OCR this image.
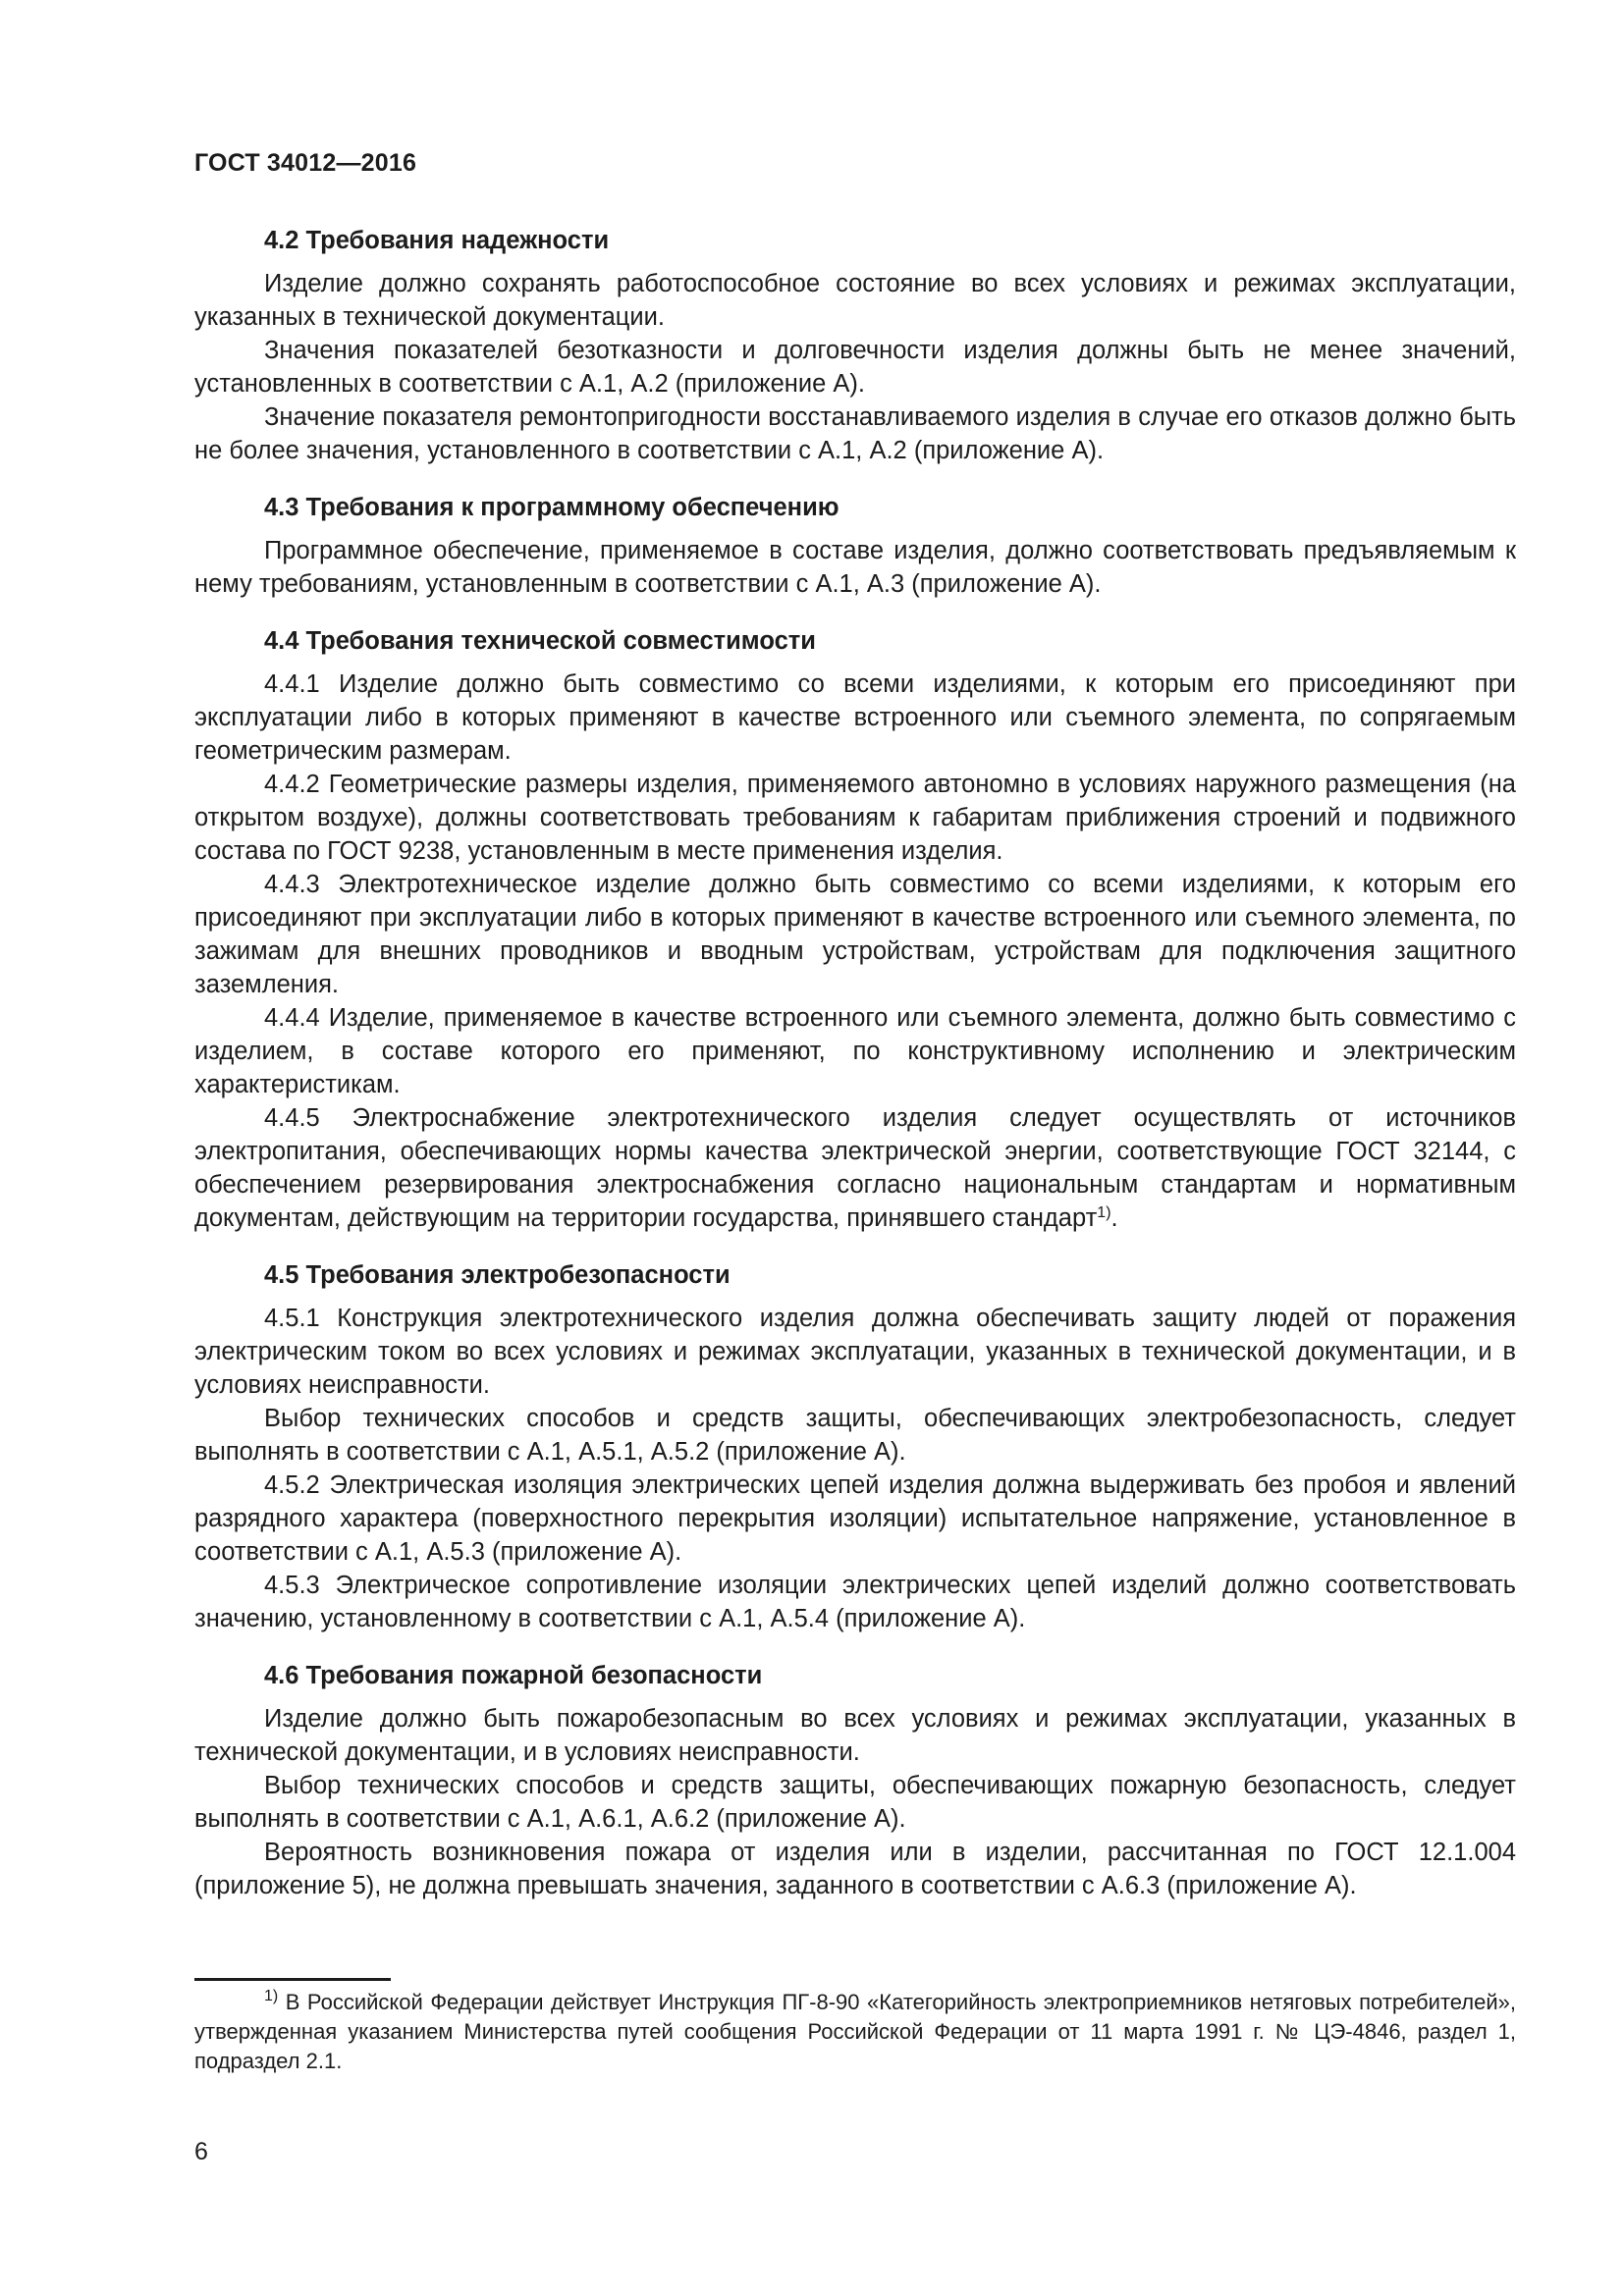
ГОСТ 34012—2016
4.2 Требования надежности

Изделие должно сохранять работоспособное состояние во всех условиях и режимах эксплуатации, указанных в технической документации.

Значения показателей безотказности и долговечности изделия должны быть не менее значений, установленных в соответствии с А.1, А.2 (приложение А).

Значение показателя ремонтопригодности восстанавливаемого изделия в случае его отказов должно быть не более значения, установленного в соответствии с А.1, А.2 (приложение А).

4.3 Требования к программному обеспечению

Программное обеспечение, применяемое в составе изделия, должно соответствовать предъявляемым к нему требованиям, установленным в соответствии с А.1, А.3 (приложение А).

4.4 Требования технической совместимости

4.4.1 Изделие должно быть совместимо со всеми изделиями, к которым его присоединяют при эксплуатации либо в которых применяют в качестве встроенного или съемного элемента, по сопрягаемым геометрическим размерам.

4.4.2 Геометрические размеры изделия, применяемого автономно в условиях наружного размещения (на открытом воздухе), должны соответствовать требованиям к габаритам приближения строений и подвижного состава по ГОСТ 9238, установленным в месте применения изделия.

4.4.3 Электротехническое изделие должно быть совместимо со всеми изделиями, к которым его присоединяют при эксплуатации либо в которых применяют в качестве встроенного или съемного элемента, по зажимам для внешних проводников и вводным устройствам, устройствам для подключения защитного заземления.

4.4.4 Изделие, применяемое в качестве встроенного или съемного элемента, должно быть совместимо с изделием, в составе которого его применяют, по конструктивному исполнению и электрическим характеристикам.

4.4.5 Электроснабжение электротехнического изделия следует осуществлять от источников электропитания, обеспечивающих нормы качества электрической энергии, соответствующие ГОСТ 32144, с обеспечением резервирования электроснабжения согласно национальным стандартам и нормативным документам, действующим на территории государства, принявшего стандарт$^{1)}$.

4.5 Требования электробезопасности

4.5.1 Конструкция электротехнического изделия должна обеспечивать защиту людей от поражения электрическим током во всех условиях и режимах эксплуатации, указанных в технической документации, и в условиях неисправности.

Выбор технических способов и средств защиты, обеспечивающих электробезопасность, следует выполнять в соответствии с А.1, А.5.1, А.5.2 (приложение А).

4.5.2 Электрическая изоляция электрических цепей изделия должна выдерживать без пробоя и явлений разрядного характера (поверхностного перекрытия изоляции) испытательное напряжение, установленное в соответствии с А.1, А.5.3 (приложение А).

4.5.3 Электрическое сопротивление изоляции электрических цепей изделий должно соответствовать значению, установленному в соответствии с А.1, А.5.4 (приложение А).

4.6 Требования пожарной безопасности

Изделие должно быть пожаробезопасным во всех условиях и режимах эксплуатации, указанных в технической документации, и в условиях неисправности.

Выбор технических способов и средств защиты, обеспечивающих пожарную безопасность, следует выполнять в соответствии с А.1, А.6.1, А.6.2 (приложение А).

Вероятность возникновения пожара от изделия или в изделии, рассчитанная по ГОСТ 12.1.004 (приложение 5), не должна превышать значения, заданного в соответствии с А.6.3 (приложение А).

$^{1)}$ В Российской Федерации действует Инструкция ПГ-8-90 «Категорийность электроприемников нетяговых потребителей», утвержденная указанием Министерства путей сообщения Российской Федерации от 11 марта 1991 г. № ЦЭ-4846, раздел 1, подраздел 2.1.
6
